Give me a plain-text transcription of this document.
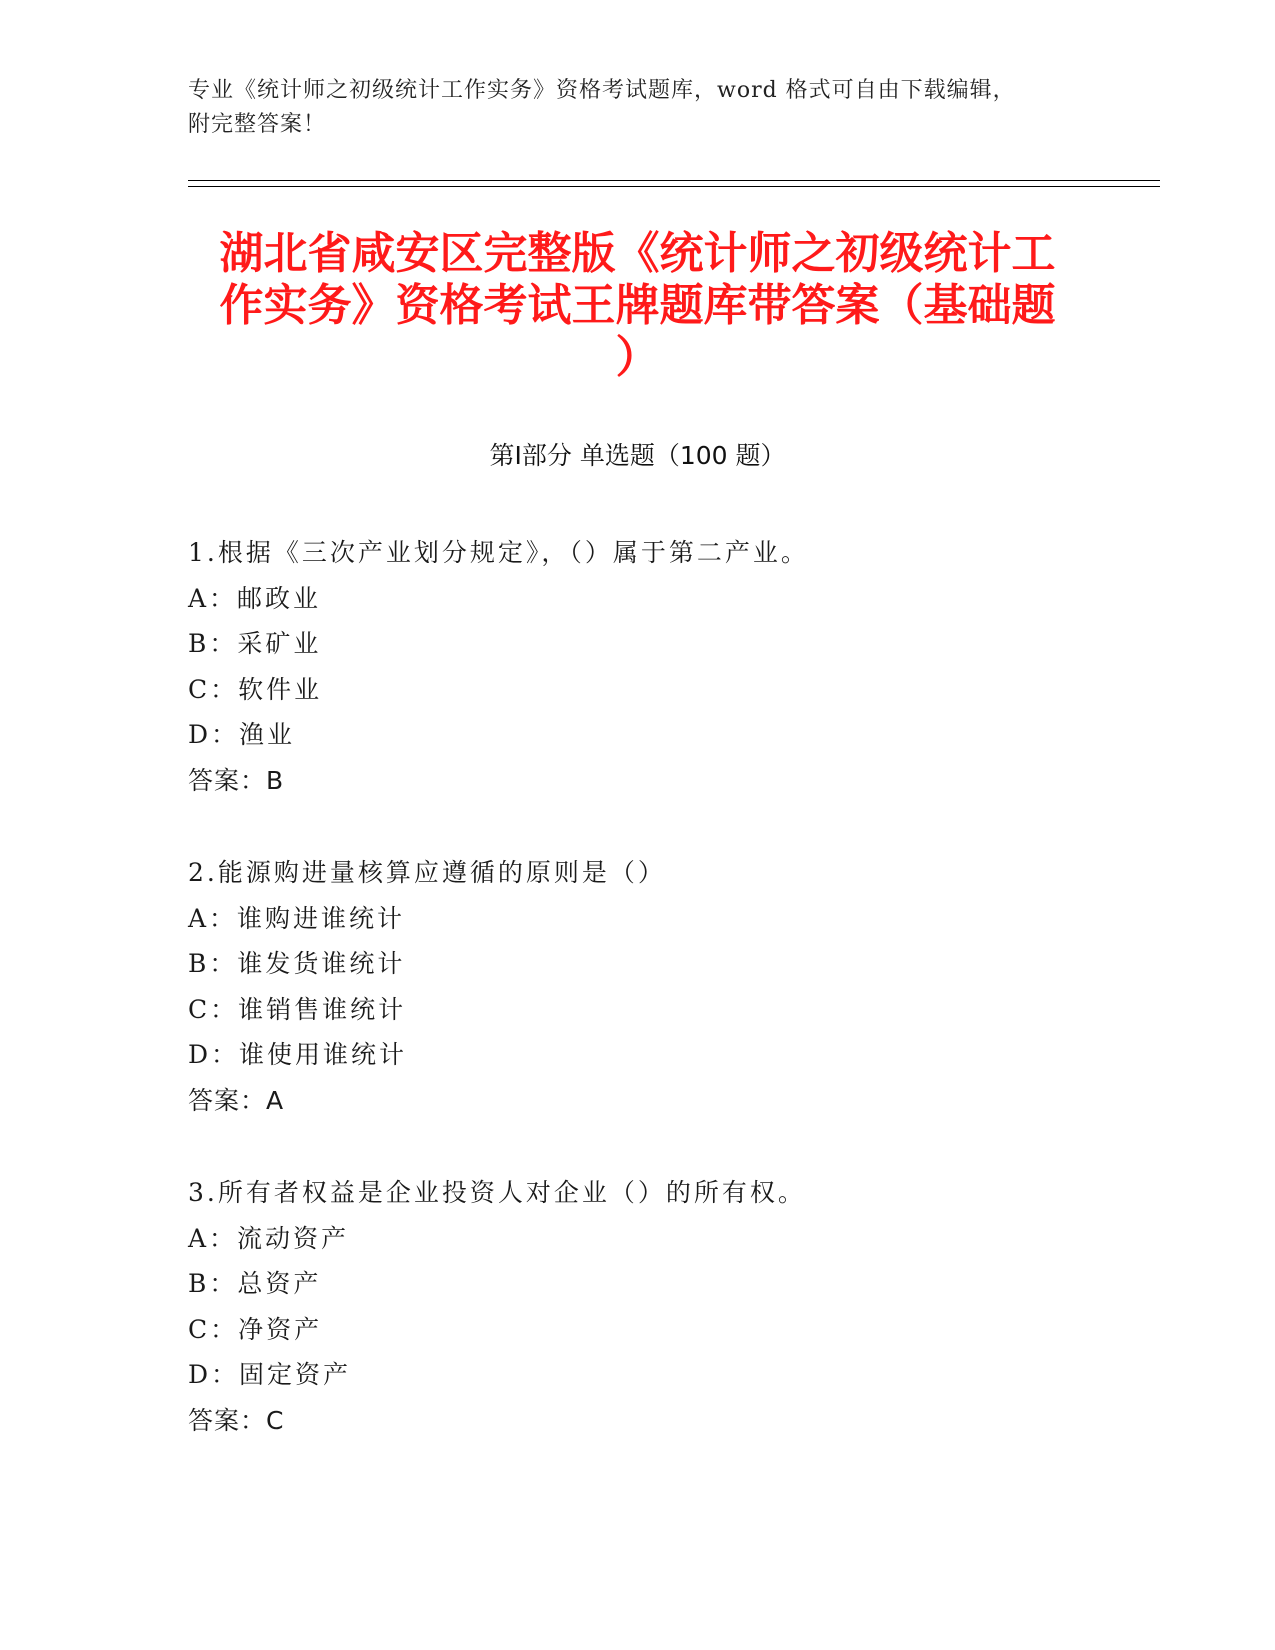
专业《统计师之初级统计工作实务》资格考试题库，word 格式可自由下载编辑，
附完整答案！
湖北省咸安区完整版《统计师之初级统计工
作实务》资格考试王牌题库带答案（基础题
）
第Ⅰ部分 单选题（100 题）
1.根据《三次产业划分规定》，（）属于第二产业。
A：邮政业
B：采矿业
C：软件业
D：渔业
答案：B
2.能源购进量核算应遵循的原则是（）
A：谁购进谁统计
B：谁发货谁统计
C：谁销售谁统计
D：谁使用谁统计
答案：A
3.所有者权益是企业投资人对企业（）的所有权。
A：流动资产
B：总资产
C：净资产
D：固定资产
答案：C
